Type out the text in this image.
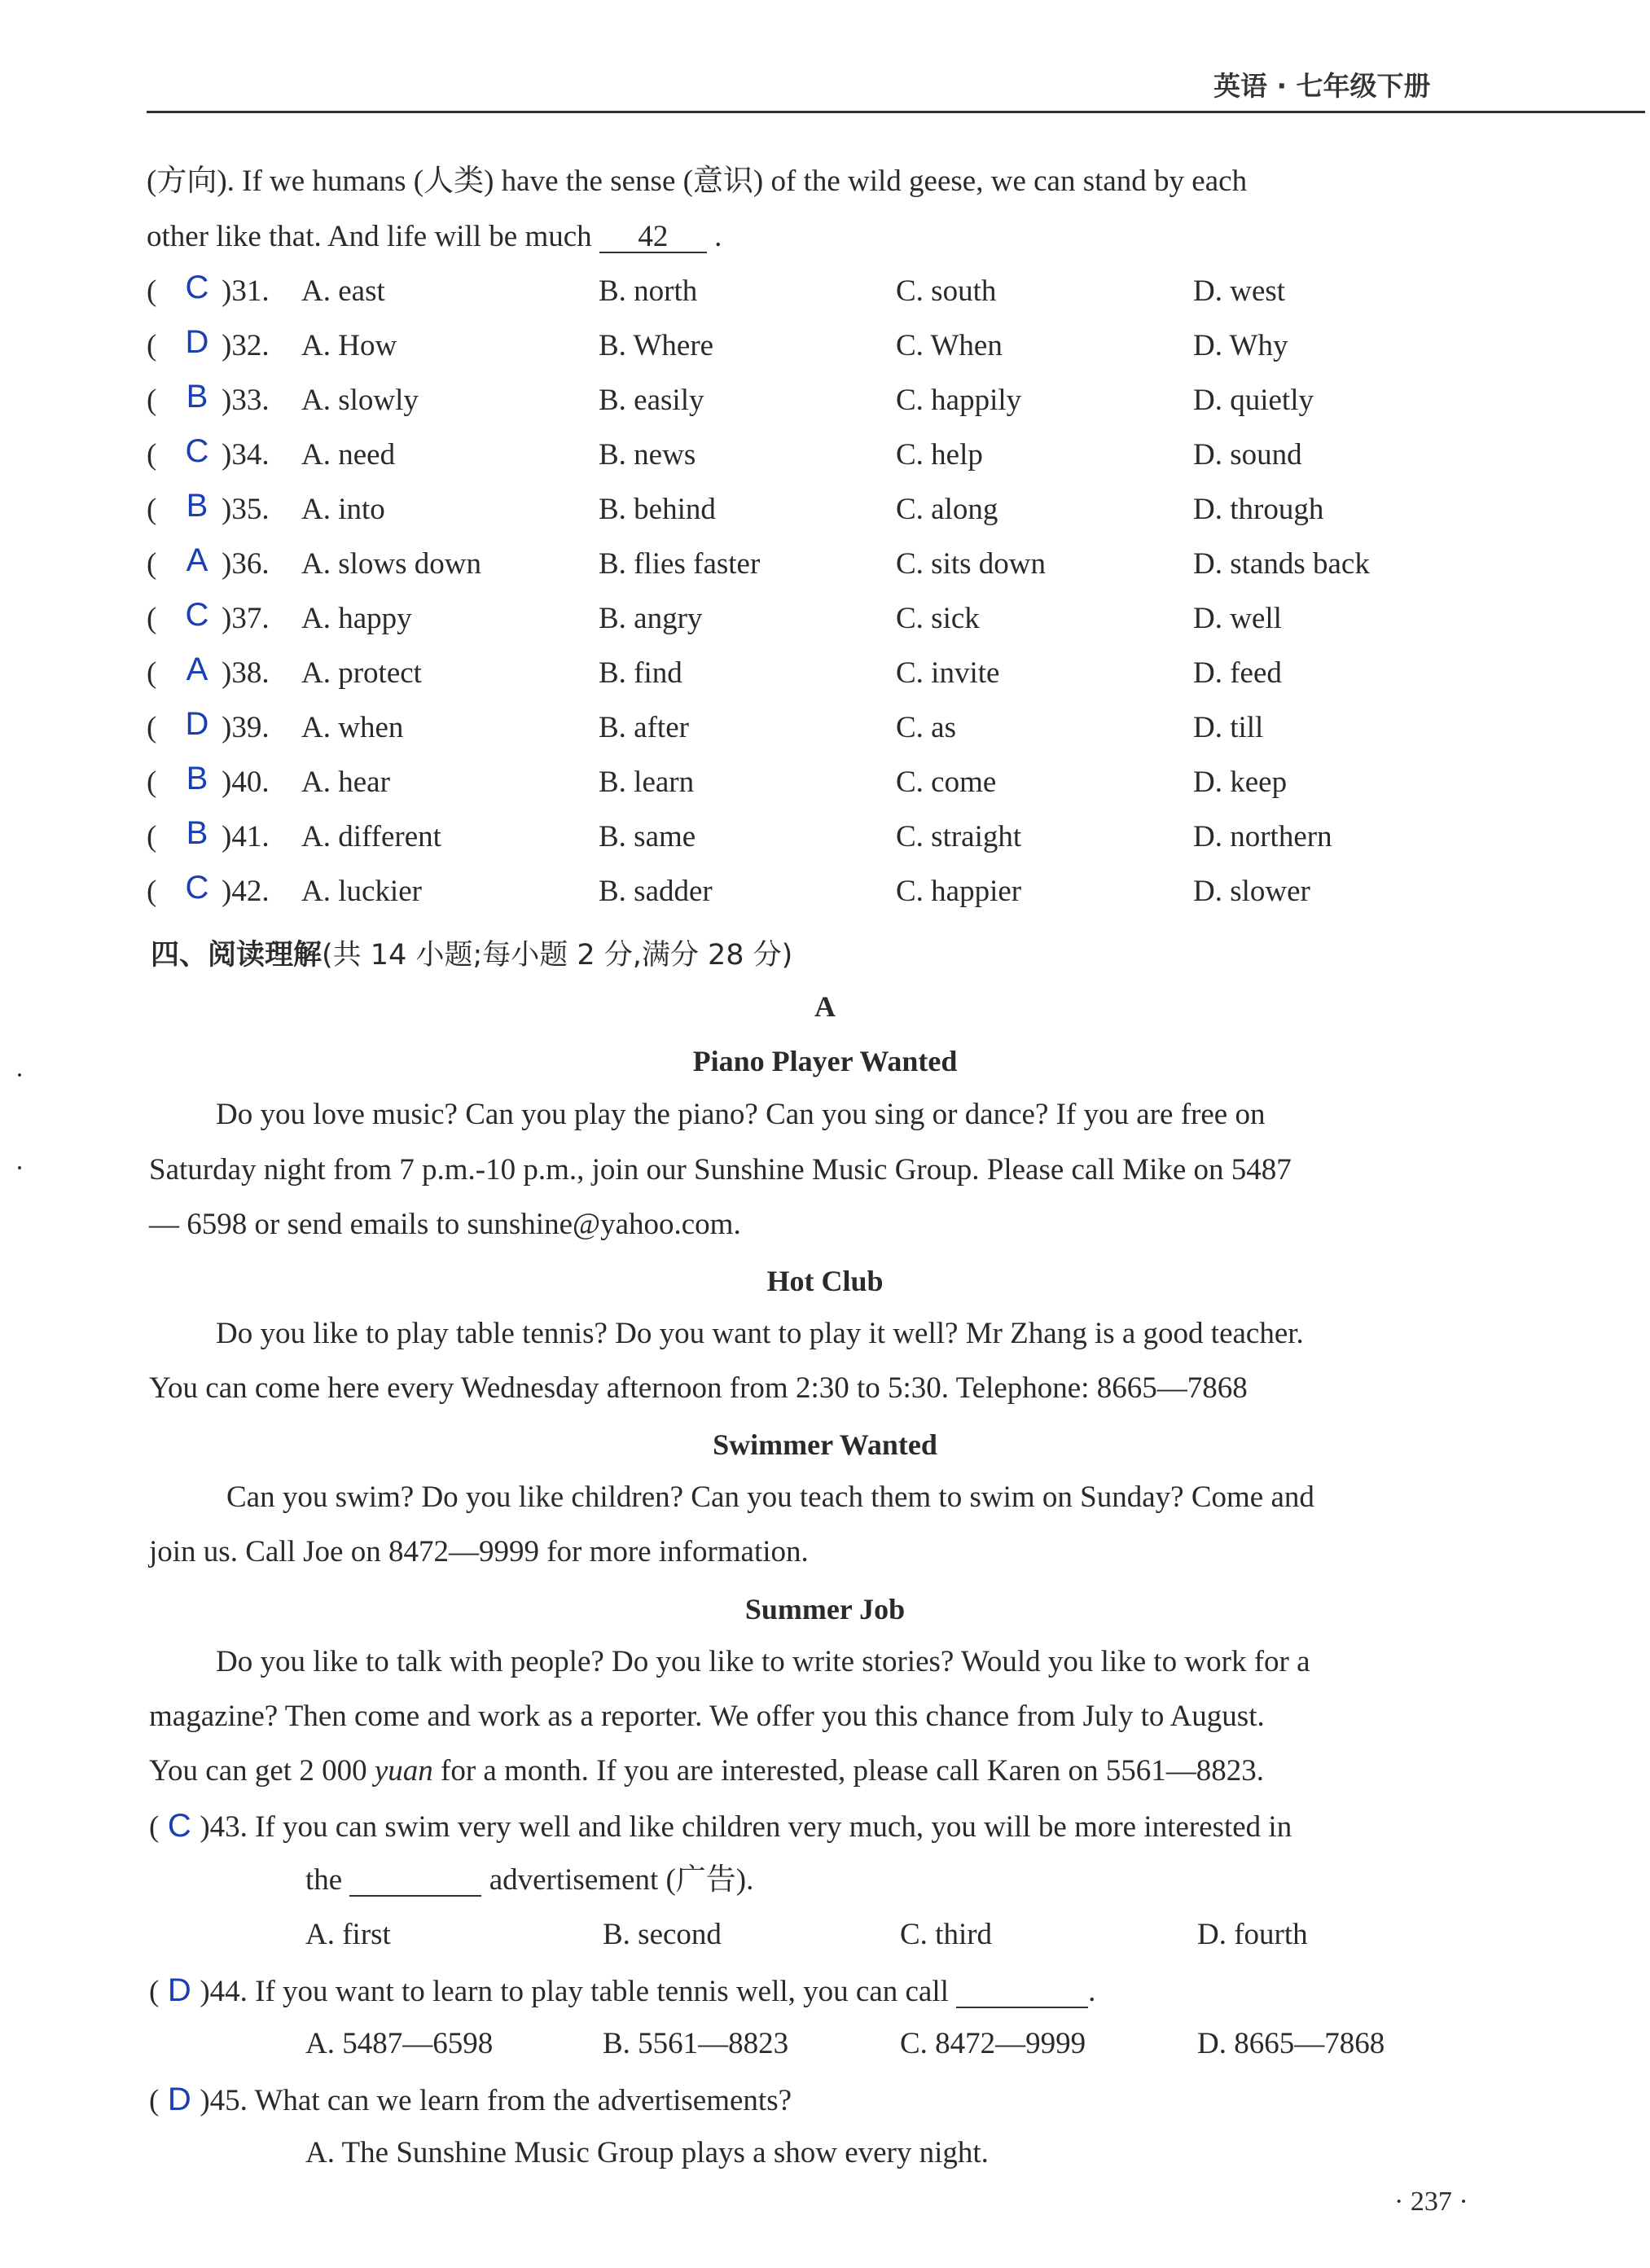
英语 · 七年级下册
(方向). If we humans (人类) have the sense (意识) of the wild geese, we can stand by each
other like that. And life will be much 42 .
( C )31. A. east	B. north	C. south	D. west
( D )32. A. How	B. Where	C. When	D. Why
( B )33. A. slowly	B. easily	C. happily	D. quietly
( C )34. A. need	B. news	C. help	D. sound
( B )35. A. into	B. behind	C. along	D. through
( A )36. A. slows down	B. flies faster	C. sits down	D. stands back
( C )37. A. happy	B. angry	C. sick	D. well
( A )38. A. protect	B. find	C. invite	D. feed
( D )39. A. when	B. after	C. as	D. till
( B )40. A. hear	B. learn	C. come	D. keep
( B )41. A. different	B. same	C. straight	D. northern
( C )42. A. luckier	B. sadder	C. happier	D. slower
四、阅读理解(共 14 小题;每小题 2 分,满分 28 分)
A
Piano Player Wanted
Do you love music? Can you play the piano? Can you sing or dance? If you are free on
Saturday night from 7 p.m.-10 p.m., join our Sunshine Music Group. Please call Mike on 5487
— 6598 or send emails to sunshine@yahoo.com.
Hot Club
Do you like to play table tennis? Do you want to play it well? Mr Zhang is a good teacher.
You can come here every Wednesday afternoon from 2:30 to 5:30. Telephone: 8665—7868
Swimmer Wanted
Can you swim? Do you like children? Can you teach them to swim on Sunday? Come and
join us. Call Joe on 8472—9999 for more information.
Summer Job
Do you like to talk with people? Do you like to write stories? Would you like to work for a
magazine? Then come and work as a reporter. We offer you this chance from July to August.
You can get 2 000 yuan for a month. If you are interested, please call Karen on 5561—8823.
( C )43. If you can swim very well and like children very much, you will be more interested in
the	advertisement (广告).
A. first	B. second	C. third	D. fourth
( D )44. If you want to learn to play table tennis well, you can call	.
A. 5487—6598	B. 5561—8823	C. 8472—9999	D. 8665—7868
( D )45. What can we learn from the advertisements?
A. The Sunshine Music Group plays a show every night.
· 237 ·
